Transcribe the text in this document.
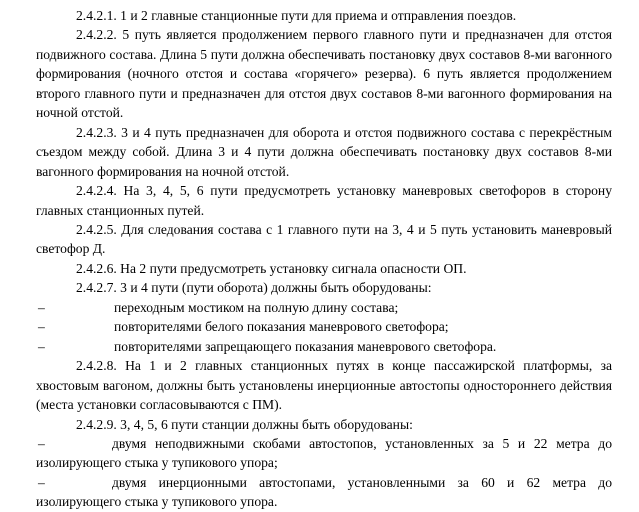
2.4.2.1. 1 и 2 главные станционные пути для приема и отправления поездов.

2.4.2.2. 5 путь является продолжением первого главного пути и предназначен для отстоя подвижного состава. Длина 5 пути должна обеспечивать постановку двух составов 8-ми вагонного формирования (ночного отстоя и состава «горячего» резерва). 6 путь является продолжением второго главного пути и предназначен для отстоя двух составов 8-ми вагонного формирования на ночной отстой.

2.4.2.3. 3 и 4 путь предназначен для оборота и отстоя подвижного состава с перекрёстным съездом между собой. Длина 3 и 4 пути должна обеспечивать постановку двух составов 8-ми вагонного формирования на ночной отстой.

2.4.2.4. На 3, 4, 5, 6 пути предусмотреть установку маневровых светофоров в сторону главных станционных путей.

2.4.2.5. Для следования состава с 1 главного пути на 3, 4 и 5 путь установить маневровый светофор Д.

2.4.2.6. На 2 пути предусмотреть установку сигнала опасности ОП.

2.4.2.7. 3 и 4 пути (пути оборота) должны быть оборудованы:

–	переходным мостиком на полную длину состава;
–	повторителями белого показания маневрового светофора;
–	повторителями запрещающего показания маневрового светофора.

2.4.2.8. На 1 и 2 главных станционных путях в конце пассажирской платформы, за хвостовым вагоном, должны быть установлены инерционные автостопы одностороннего действия (места установки согласовываются с ПМ).

2.4.2.9. 3, 4, 5, 6 пути станции должны быть оборудованы:

–	двумя неподвижными скобами автостопов, установленных за 5 и 22 метра до изолирующего стыка у тупикового упора;
–	двумя инерционными автостопами, установленными за 60 и 62 метра до изолирующего стыка у тупикового упора.
